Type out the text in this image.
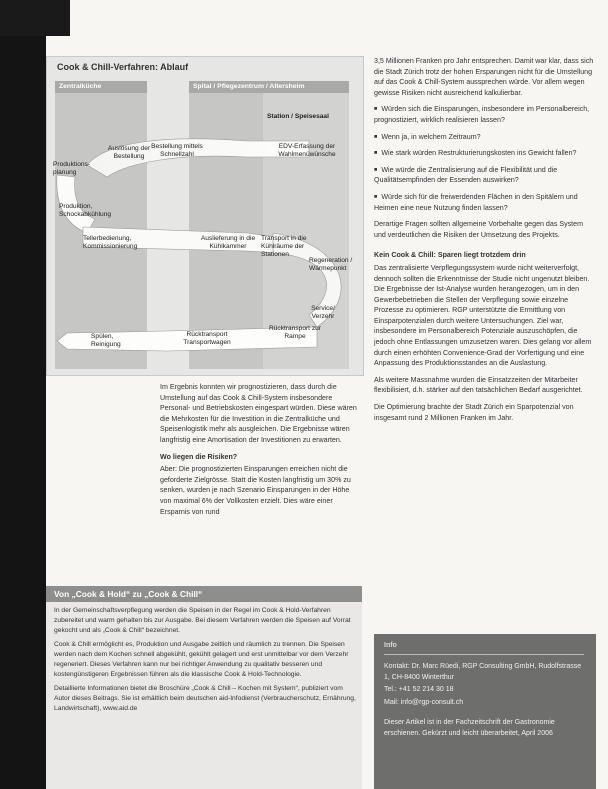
Cook & Chill-Verfahren: Ablauf
Zentralküche	Spital / Pflegezentrum / Altersheim
Station / Speisesaal
Auslösung der Bestellung
Bestellung mittels Schnellzahl
EDV-Erfassung der Wahlmenüwünsche
Produktions-planung
Produktion, Schockabkühlung
Tellerbedienung, Kommissionierung
Auslieferung in die Kühlkammer
Transport in die Kühlräume der Stationen
Regeneration / Wärmepunkt
Service/ Verzehr
Rücktransport zur Rampe
Rücktransport Transportwagen
Spülen, Reinigung

3,5 Millionen Franken pro Jahr entsprechen. Damit war klar, dass sich die Stadt Zürich trotz der hohen Ersparungen nicht für die Umstellung auf das Cook & Chill-System aussprechen würde. Vor allem wegen gewisse Risiken nicht ausreichend kalkulierbar.

■ Würden sich die Einsparungen, insbesondere im Personalbereich, prognostiziert, wirklich realisieren lassen?

■ Wenn ja, in welchem Zeitraum?

■ Wie stark würden Restrukturierungskosten ins Gewicht fallen?

■ Wie würde die Zentralisierung auf die Flexibilität und die Qualitätsempfinden der Essenden auswirken?

■ Würde sich für die freiwerdenden Flächen in den Spitälern und Heimen eine neue Nutzung finden lassen?

Derartige Fragen sollten allgemeine Vorbehalte gegen das System und verdeutlichen die Risiken der Umsetzung des Projekts.

Kein Cook & Chill: Sparen liegt trotzdem drin

Das zentralisierte Verpflegungssystem wurde nicht weiterverfolgt, dennoch sollten die Erkenntnisse der Studie nicht ungenutzt bleiben. Die Ergebnisse der Ist-Analyse wurden herangezogen, um in den Gewerbebetrieben die Stellen der Verpflegung sowie einzelne Prozesse zu optimieren. RGP unterstützte die Ermittlung von Einsparpotenzialen durch weitere Untersuchungen. Ziel war, insbesondere im Personalbereich Potenziale auszuschöpfen, die jedoch ohne Entlassungen umzusetzen waren. Dies gelang vor allem durch einen erhöhten Convenience-Grad der Vorfertigung und eine Anpassung des Produktionsstandes an die Auslastung.

Als weitere Massnahme wurden die Einsatzzeiten der Mitarbeiter flexibilisiert, d.h. stärker auf den tatsächlichen Bedarf ausgerichtet.

Die Optimierung brachte der Stadt Zürich ein Sparpotenzial von insgesamt rund 2 Millionen Franken im Jahr.

Im Ergebnis konnten wir prognostizieren, dass durch die Umstellung auf das Cook & Chill-System insbesondere Personal- und Betriebskosten eingespart würden. Diese wären die Mehrkosten für die Investition in die Zentralküche und Speisenlogistik mehr als ausgleichen. Die Ergebnisse wären langfristig eine Amortisation der Investitionen zu erwarten.

Wo liegen die Risiken?

Aber: Die prognostizierten Einsparungen erreichen nicht die geforderte Zielgrösse. Statt die Kosten langfristig um 30% zu senken, wurden je nach Szenario Einsparungen in der Höhe von maximal 6% der Vollkosten erzielt. Dies wäre einer Ersparnis von rund

Von „Cook & Hold“ zu „Cook & Chill“

In der Gemeinschaftsverpflegung werden die Speisen in der Regel im Cook & Hold-Verfahren zubereitet und warm gehalten bis zur Ausgabe. Bei diesem Verfahren werden die Speisen auf Vorrat gekocht und als „Cook & Chill“ bezeichnet.

Cook & Chill ermöglicht es, Produktion und Ausgabe zeitlich und räumlich zu trennen. Die Speisen werden nach dem Kochen schnell abgekühlt, gekühlt gelagert und erst unmittelbar vor dem Verzehr regeneriert. Dieses Verfahren kann nur bei richtiger Anwendung zu qualitativ besseren und kostengünstigeren Ergebnissen führen als die klassische Cook & Hold-Technologie.

Detaillierte Informationen bietet die Broschüre „Cook & Chill – Kochen mit System“, publiziert vom Autor dieses Beitrags. Sie ist erhältlich beim deutschen aid-Infodienst (Verbraucherschutz, Ernährung, Landwirtschaft), www.aid.de

Info

Kontakt: Dr. Marc Rüedi, RGP Consulting GmbH, Rudolfstrasse 1, CH-8400 Winterthur

Tel.: +41 52 214 30 18

Mail: info@rgp-consult.ch

Dieser Artikel ist in der Fachzeitschrift der Gastronomie erschienen. Gekürzt und leicht überarbeitet, April 2006
